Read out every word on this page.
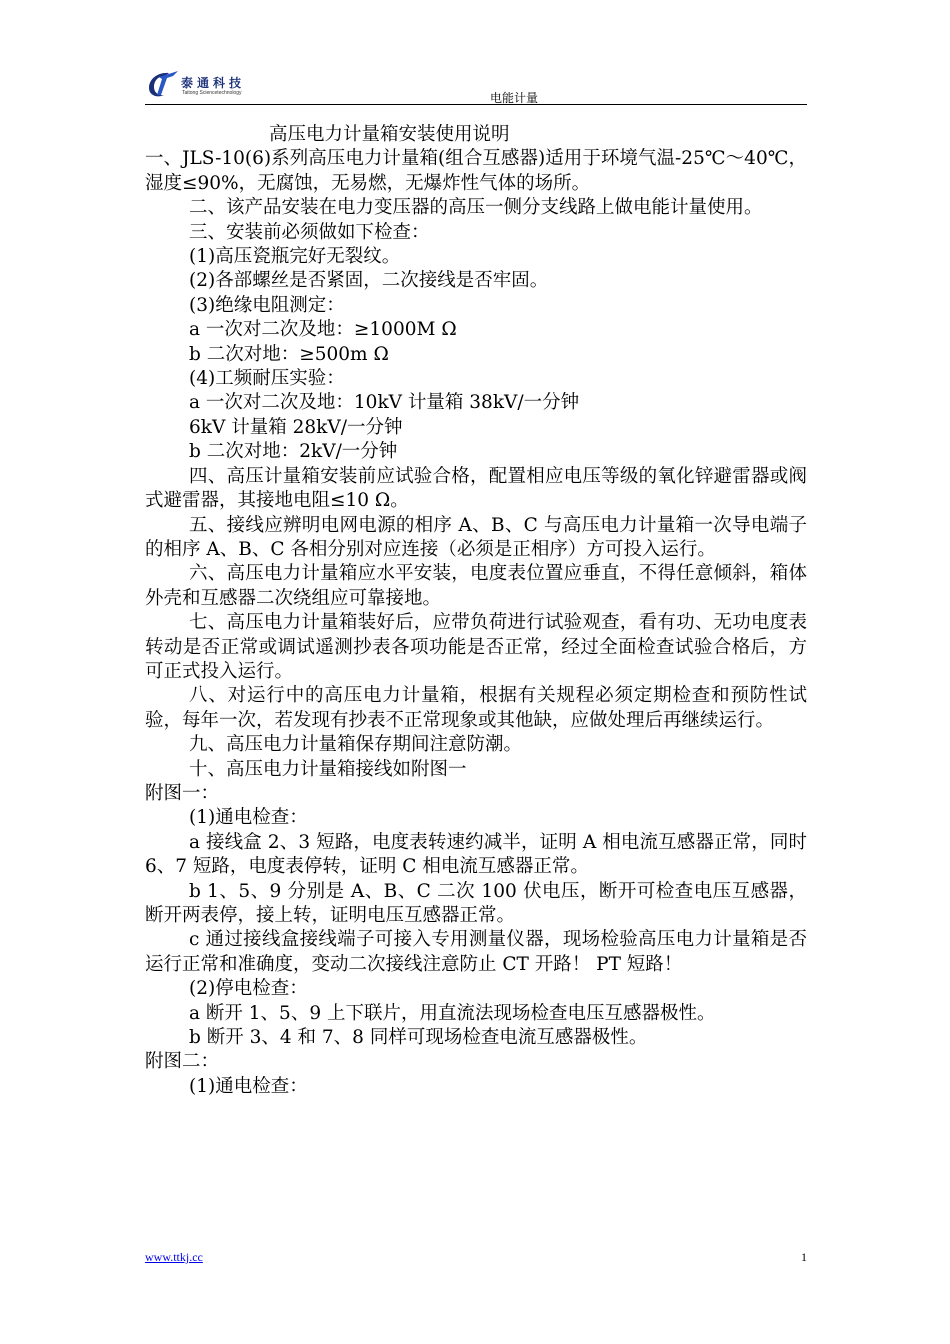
泰通科技
Taitong Sciencetechnology	电能计量

高压电力计量箱安装使用说明

一、JLS-10(6)系列高压电力计量箱(组合互感器)适用于环境气温-25℃～40℃，湿度≤90%，无腐蚀，无易燃，无爆炸性气体的场所。

二、该产品安装在电力变压器的高压一侧分支线路上做电能计量使用。

三、安装前必须做如下检查：

(1)高压瓷瓶完好无裂纹。

(2)各部螺丝是否紧固，二次接线是否牢固。

(3)绝缘电阻测定：

a 一次对二次及地：≥1000M Ω

b 二次对地：≥500m Ω

(4)工频耐压实验：

a 一次对二次及地：10kV 计量箱 38kV/一分钟

6kV 计量箱 28kV/一分钟

b 二次对地：2kV/一分钟

四、高压计量箱安装前应试验合格，配置相应电压等级的氧化锌避雷器或阀式避雷器，其接地电阻≤10 Ω。

五、接线应辨明电网电源的相序 A、B、C 与高压电力计量箱一次导电端子的相序 A、B、C 各相分别对应连接（必须是正相序）方可投入运行。

六、高压电力计量箱应水平安装，电度表位置应垂直，不得任意倾斜，箱体外壳和互感器二次绕组应可靠接地。

七、高压电力计量箱装好后，应带负荷进行试验观查，看有功、无功电度表转动是否正常或调试遥测抄表各项功能是否正常，经过全面检查试验合格后，方可正式投入运行。

八、对运行中的高压电力计量箱，根据有关规程必须定期检查和预防性试验，每年一次，若发现有抄表不正常现象或其他缺，应做处理后再继续运行。

九、高压电力计量箱保存期间注意防潮。

十、高压电力计量箱接线如附图一

附图一：

(1)通电检查：

a 接线盒 2、3 短路，电度表转速约减半，证明 A 相电流互感器正常，同时 6、7 短路，电度表停转，证明 C 相电流互感器正常。

b 1、5、9 分别是 A、B、C 二次 100 伏电压，断开可检查电压互感器，断开两表停，接上转，证明电压互感器正常。

c 通过接线盒接线端子可接入专用测量仪器，现场检验高压电力计量箱是否运行正常和准确度，变动二次接线注意防止 CT 开路！ PT 短路！

(2)停电检查：

a 断开 1、5、9 上下联片，用直流法现场检查电压互感器极性。

b 断开 3、4 和 7、8 同样可现场检查电流互感器极性。

附图二：

(1)通电检查：

www.ttkj.cc	1
